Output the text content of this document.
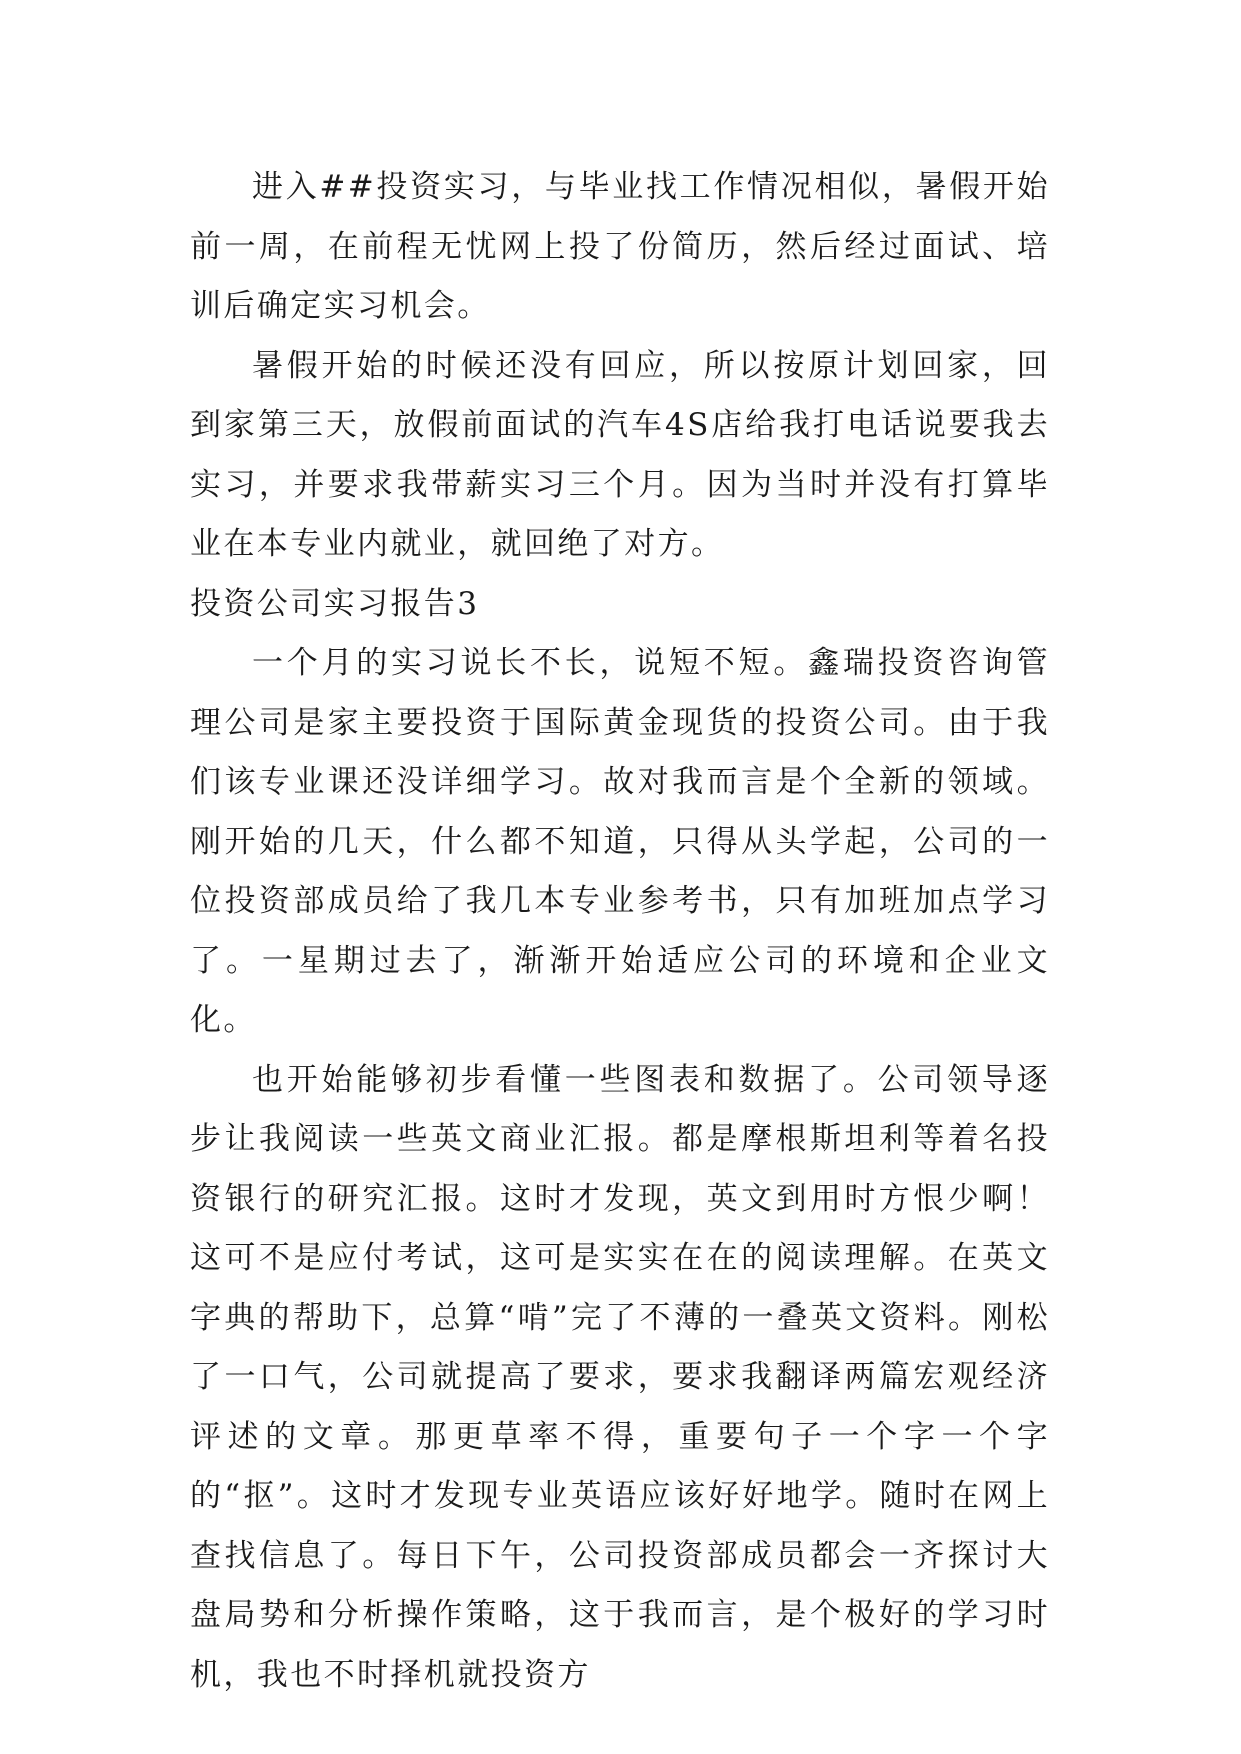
进入##投资实习，与毕业找工作情况相似，暑假开始前一周，在前程无忧网上投了份简历，然后经过面试、培训后确定实习机会。

暑假开始的时候还没有回应，所以按原计划回家，回到家第三天，放假前面试的汽车4S店给我打电话说要我去实习，并要求我带薪实习三个月。因为当时并没有打算毕业在本专业内就业，就回绝了对方。

投资公司实习报告3

一个月的实习说长不长，说短不短。鑫瑞投资咨询管理公司是家主要投资于国际黄金现货的投资公司。由于我们该专业课还没详细学习。故对我而言是个全新的领域。刚开始的几天，什么都不知道，只得从头学起，公司的一位投资部成员给了我几本专业参考书，只有加班加点学习了。一星期过去了，渐渐开始适应公司的环境和企业文化。

也开始能够初步看懂一些图表和数据了。公司领导逐步让我阅读一些英文商业汇报。都是摩根斯坦利等着名投资银行的研究汇报。这时才发现，英文到用时方恨少啊！这可不是应付考试，这可是实实在在的阅读理解。在英文字典的帮助下，总算“啃”完了不薄的一叠英文资料。刚松了一口气，公司就提高了要求，要求我翻译两篇宏观经济评述的文章。那更草率不得，重要句子一个字一个字的“抠”。这时才发现专业英语应该好好地学。随时在网上查找信息了。每日下午，公司投资部成员都会一齐探讨大盘局势和分析操作策略，这于我而言，是个极好的学习时机，我也不时择机就投资方
